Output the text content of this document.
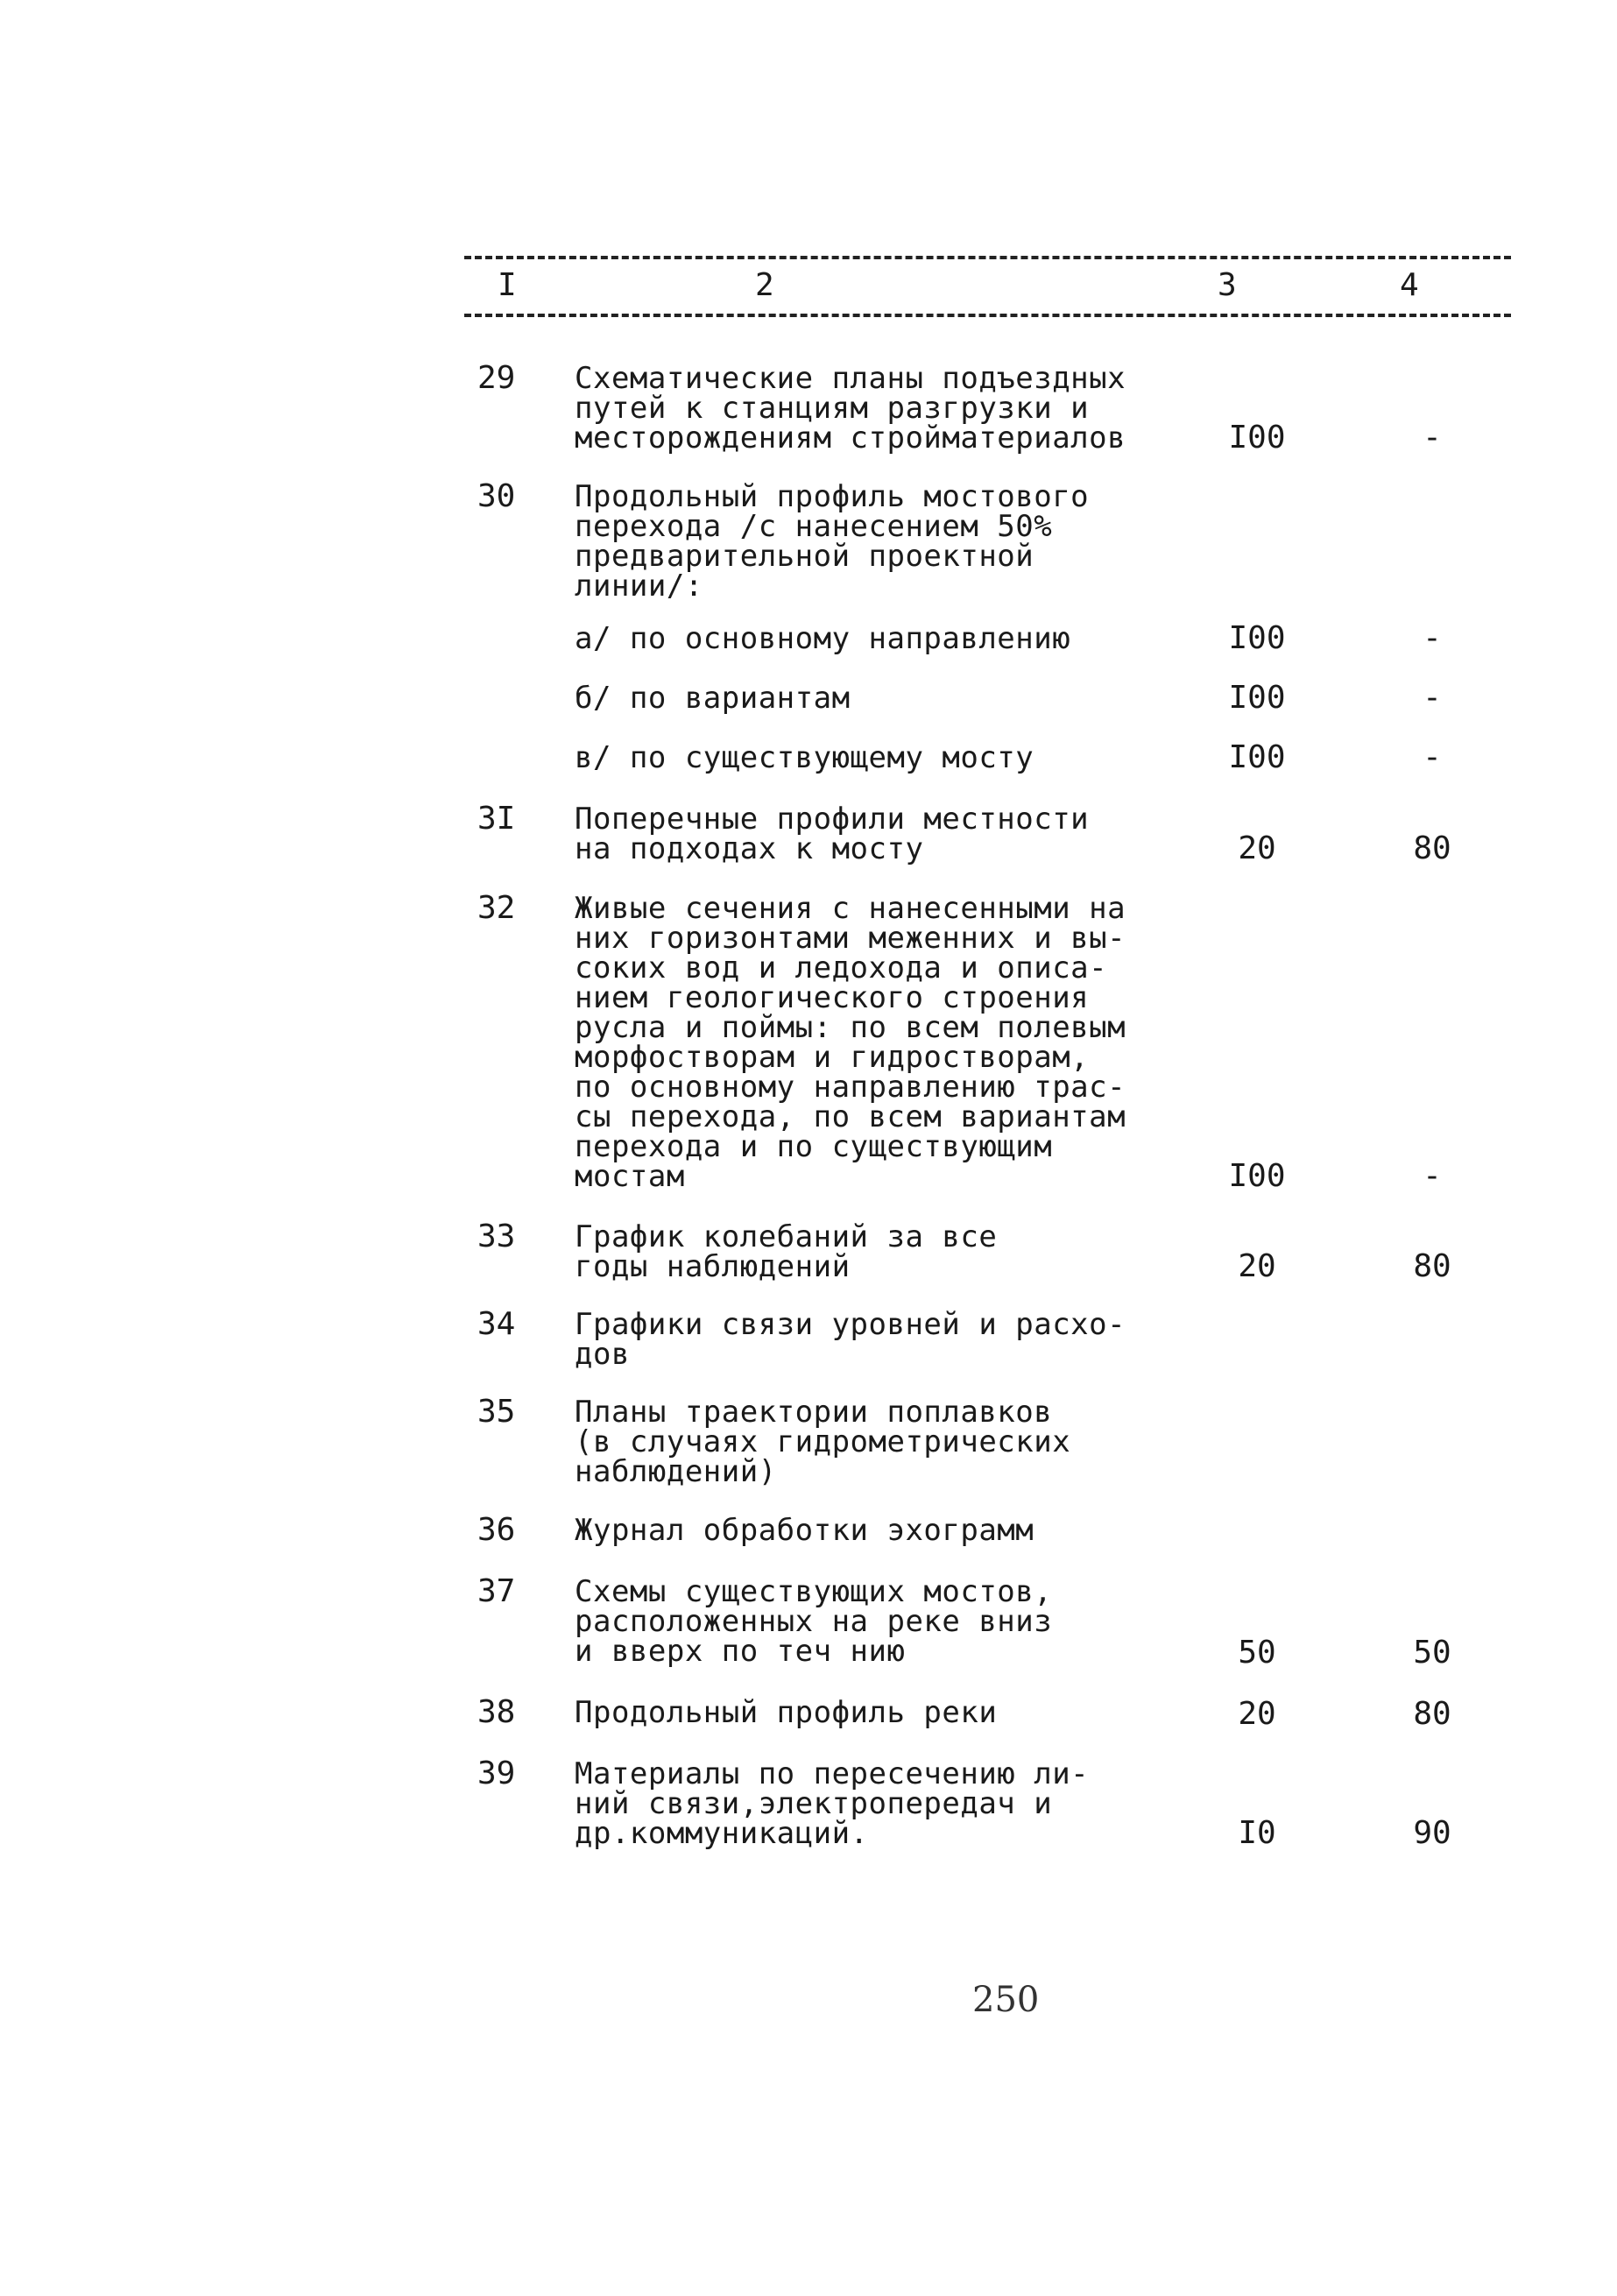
I	2	3	4
29 Схематические планы подъездных
путей к станциям разгрузки и
месторождениям стройматериалов	I00	-
30 Продольный профиль мостового
перехода /с нанесением 50%
предварительной проектной
линии/:
а/ по основному направлению	I00	-
б/ по вариантам	I00	-
в/ по существующему мосту	I00	-
3I Поперечные профили местности
на подходах к мосту	20	80
32 Живые сечения с нанесенными на
них горизонтами меженних и вы-
соких вод и ледохода и описа-
нием геологического строения
русла и поймы: по всем полевым
морфостворам и гидростворам,
по основному направлению трас-
сы перехода, по всем вариантам
перехода и по существующим
мостам	I00	-
33 График колебаний за все
годы наблюдений	20	80
34 Графики связи уровней и расхо-
дов
35 Планы траектории поплавков
(в случаях гидрометрических
наблюдений)
36 Журнал обработки эхограмм
37 Схемы существующих мостов,
расположенных на реке вниз
и вверх по теч нию	50	50
38 Продольный профиль реки	20	80
39 Материалы по пересечению ли-
ний связи,электропередач и
др.коммуникаций.	I0	90
250
